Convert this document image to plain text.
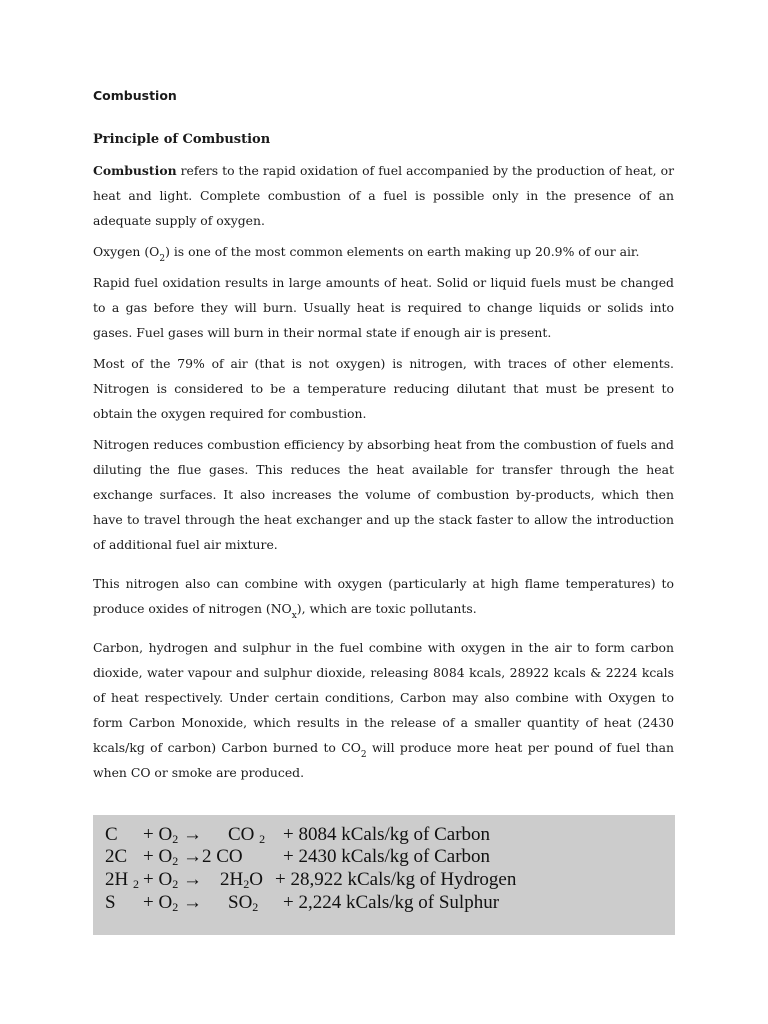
Combustion
Principle of Combustion

Combustion refers to the rapid oxidation of fuel accompanied by the production of heat, or heat and light. Complete combustion of a fuel is possible only in the presence of an adequate supply of oxygen.

Oxygen $(O_2)$ is one of the most common elements on earth making up 20.9% of our air.

Rapid fuel oxidation results in large amounts of heat. Solid or liquid fuels must be changed to a gas before they will burn. Usually heat is required to change liquids or solids into gases. Fuel gases will burn in their normal state if enough air is present.

Most of the 79% of air (that is not oxygen) is nitrogen, with traces of other elements. Nitrogen is considered to be a temperature reducing dilutant that must be present to obtain the oxygen required for combustion.

Nitrogen reduces combustion efficiency by absorbing heat from the combustion of fuels and diluting the flue gases. This reduces the heat available for transfer through the heat exchange surfaces. It also increases the volume of combustion by-products, which then have to travel through the heat exchanger and up the stack faster to allow the introduction of additional fuel air mixture.

This nitrogen also can combine with oxygen (particularly at high flame temperatures) to produce oxides of nitrogen $(NO_x)$, which are toxic pollutants.

Carbon, hydrogen and sulphur in the fuel combine with oxygen in the air to form carbon dioxide, water vapour and sulphur dioxide, releasing 8084 kcals, 28922 kcals & 2224 kcals of heat respectively. Under certain conditions, Carbon may also combine with Oxygen to form Carbon Monoxide, which results in the release of a smaller quantity of heat (2430 kcals/kg of carbon) Carbon burned to $CO_2$ will produce more heat per pound of fuel than when CO or smoke are produced.

$C + O_2$ → CO $_2$ + 8084 kCals/kg of Carbon
$2C + O_2 \to 2$ CO + 2430 kCals/kg of Carbon
2H $_2 + O_2 \to 2H_2O + 28,922$ kCals/kg of Hydrogen
$S + O_2 \to SO_2 + 2,224$ kCals/kg of Sulphur
